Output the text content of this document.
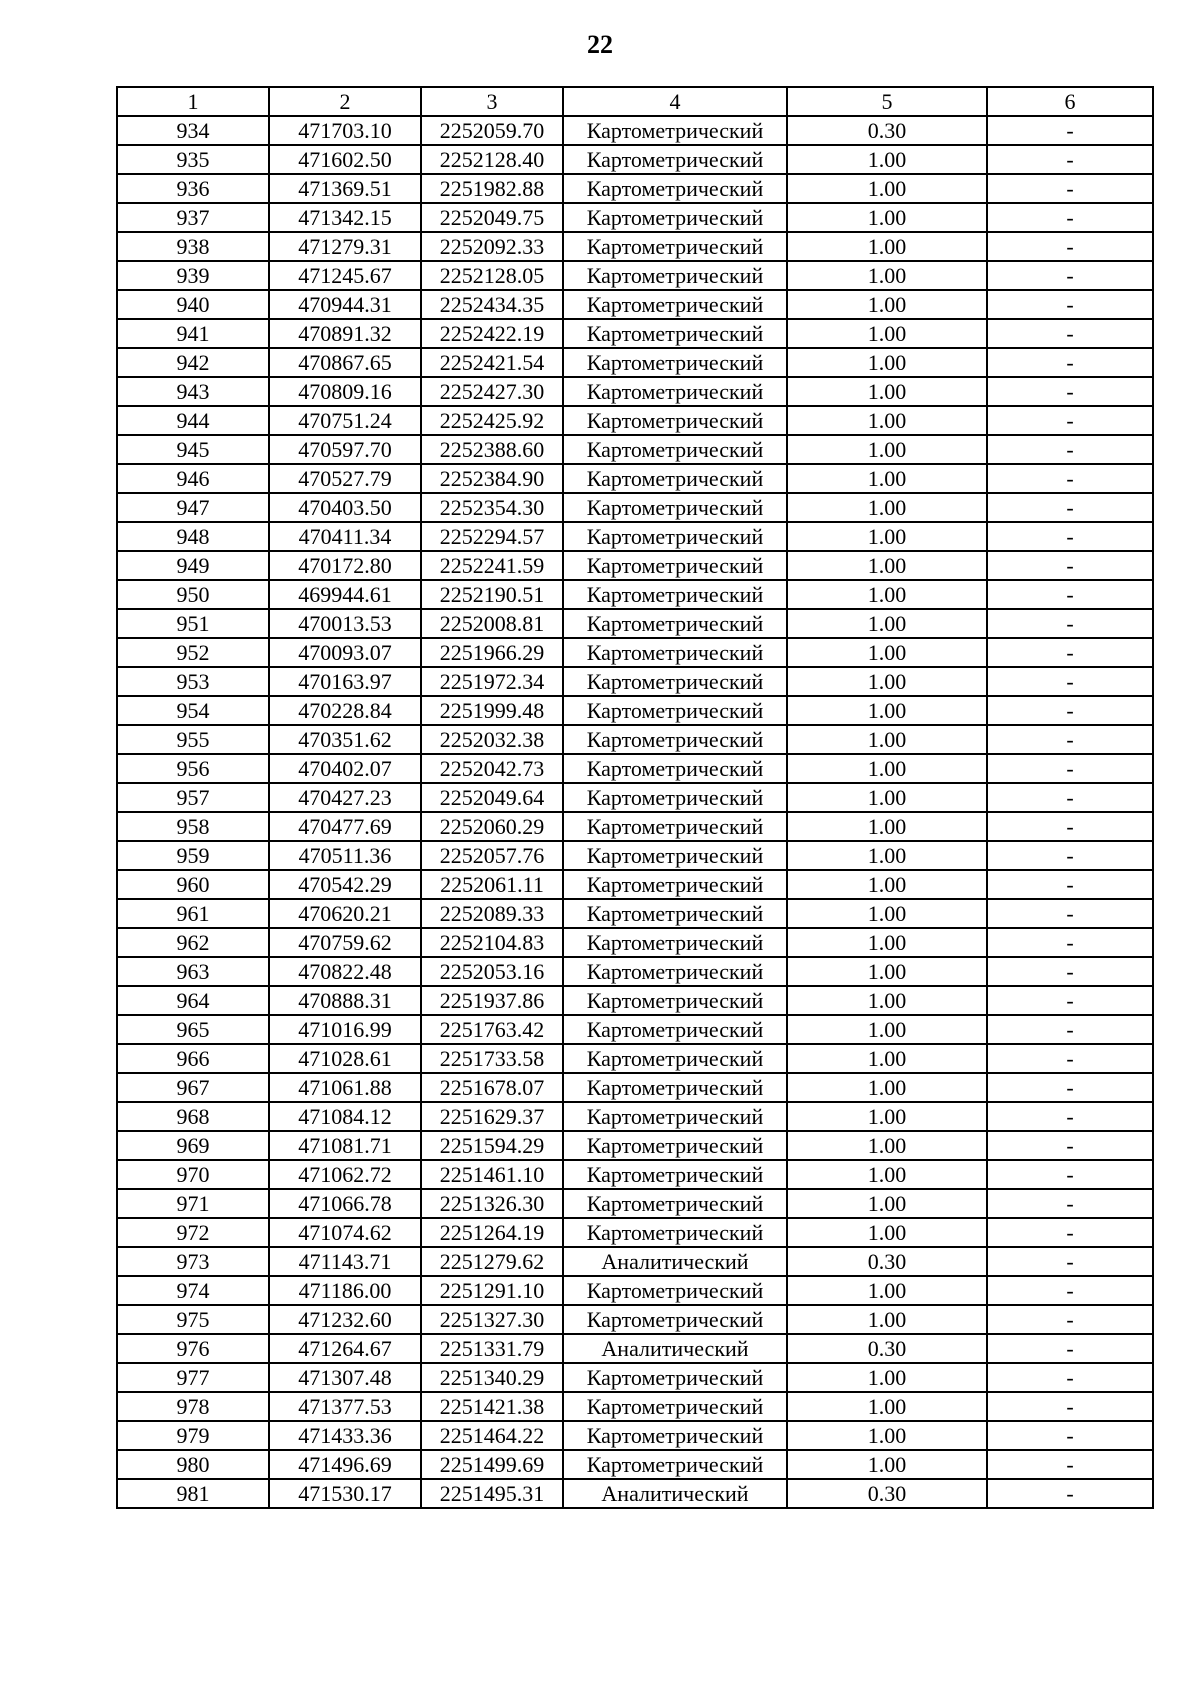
22
1	2	3	4	5	6
934	471703.10	2252059.70	Картометрический	0.30	-
935	471602.50	2252128.40	Картометрический	1.00	-
936	471369.51	2251982.88	Картометрический	1.00	-
937	471342.15	2252049.75	Картометрический	1.00	-
938	471279.31	2252092.33	Картометрический	1.00	-
939	471245.67	2252128.05	Картометрический	1.00	-
940	470944.31	2252434.35	Картометрический	1.00	-
941	470891.32	2252422.19	Картометрический	1.00	-
942	470867.65	2252421.54	Картометрический	1.00	-
943	470809.16	2252427.30	Картометрический	1.00	-
944	470751.24	2252425.92	Картометрический	1.00	-
945	470597.70	2252388.60	Картометрический	1.00	-
946	470527.79	2252384.90	Картометрический	1.00	-
947	470403.50	2252354.30	Картометрический	1.00	-
948	470411.34	2252294.57	Картометрический	1.00	-
949	470172.80	2252241.59	Картометрический	1.00	-
950	469944.61	2252190.51	Картометрический	1.00	-
951	470013.53	2252008.81	Картометрический	1.00	-
952	470093.07	2251966.29	Картометрический	1.00	-
953	470163.97	2251972.34	Картометрический	1.00	-
954	470228.84	2251999.48	Картометрический	1.00	-
955	470351.62	2252032.38	Картометрический	1.00	-
956	470402.07	2252042.73	Картометрический	1.00	-
957	470427.23	2252049.64	Картометрический	1.00	-
958	470477.69	2252060.29	Картометрический	1.00	-
959	470511.36	2252057.76	Картометрический	1.00	-
960	470542.29	2252061.11	Картометрический	1.00	-
961	470620.21	2252089.33	Картометрический	1.00	-
962	470759.62	2252104.83	Картометрический	1.00	-
963	470822.48	2252053.16	Картометрический	1.00	-
964	470888.31	2251937.86	Картометрический	1.00	-
965	471016.99	2251763.42	Картометрический	1.00	-
966	471028.61	2251733.58	Картометрический	1.00	-
967	471061.88	2251678.07	Картометрический	1.00	-
968	471084.12	2251629.37	Картометрический	1.00	-
969	471081.71	2251594.29	Картометрический	1.00	-
970	471062.72	2251461.10	Картометрический	1.00	-
971	471066.78	2251326.30	Картометрический	1.00	-
972	471074.62	2251264.19	Картометрический	1.00	-
973	471143.71	2251279.62	Аналитический	0.30	-
974	471186.00	2251291.10	Картометрический	1.00	-
975	471232.60	2251327.30	Картометрический	1.00	-
976	471264.67	2251331.79	Аналитический	0.30	-
977	471307.48	2251340.29	Картометрический	1.00	-
978	471377.53	2251421.38	Картометрический	1.00	-
979	471433.36	2251464.22	Картометрический	1.00	-
980	471496.69	2251499.69	Картометрический	1.00	-
981	471530.17	2251495.31	Аналитический	0.30	-
